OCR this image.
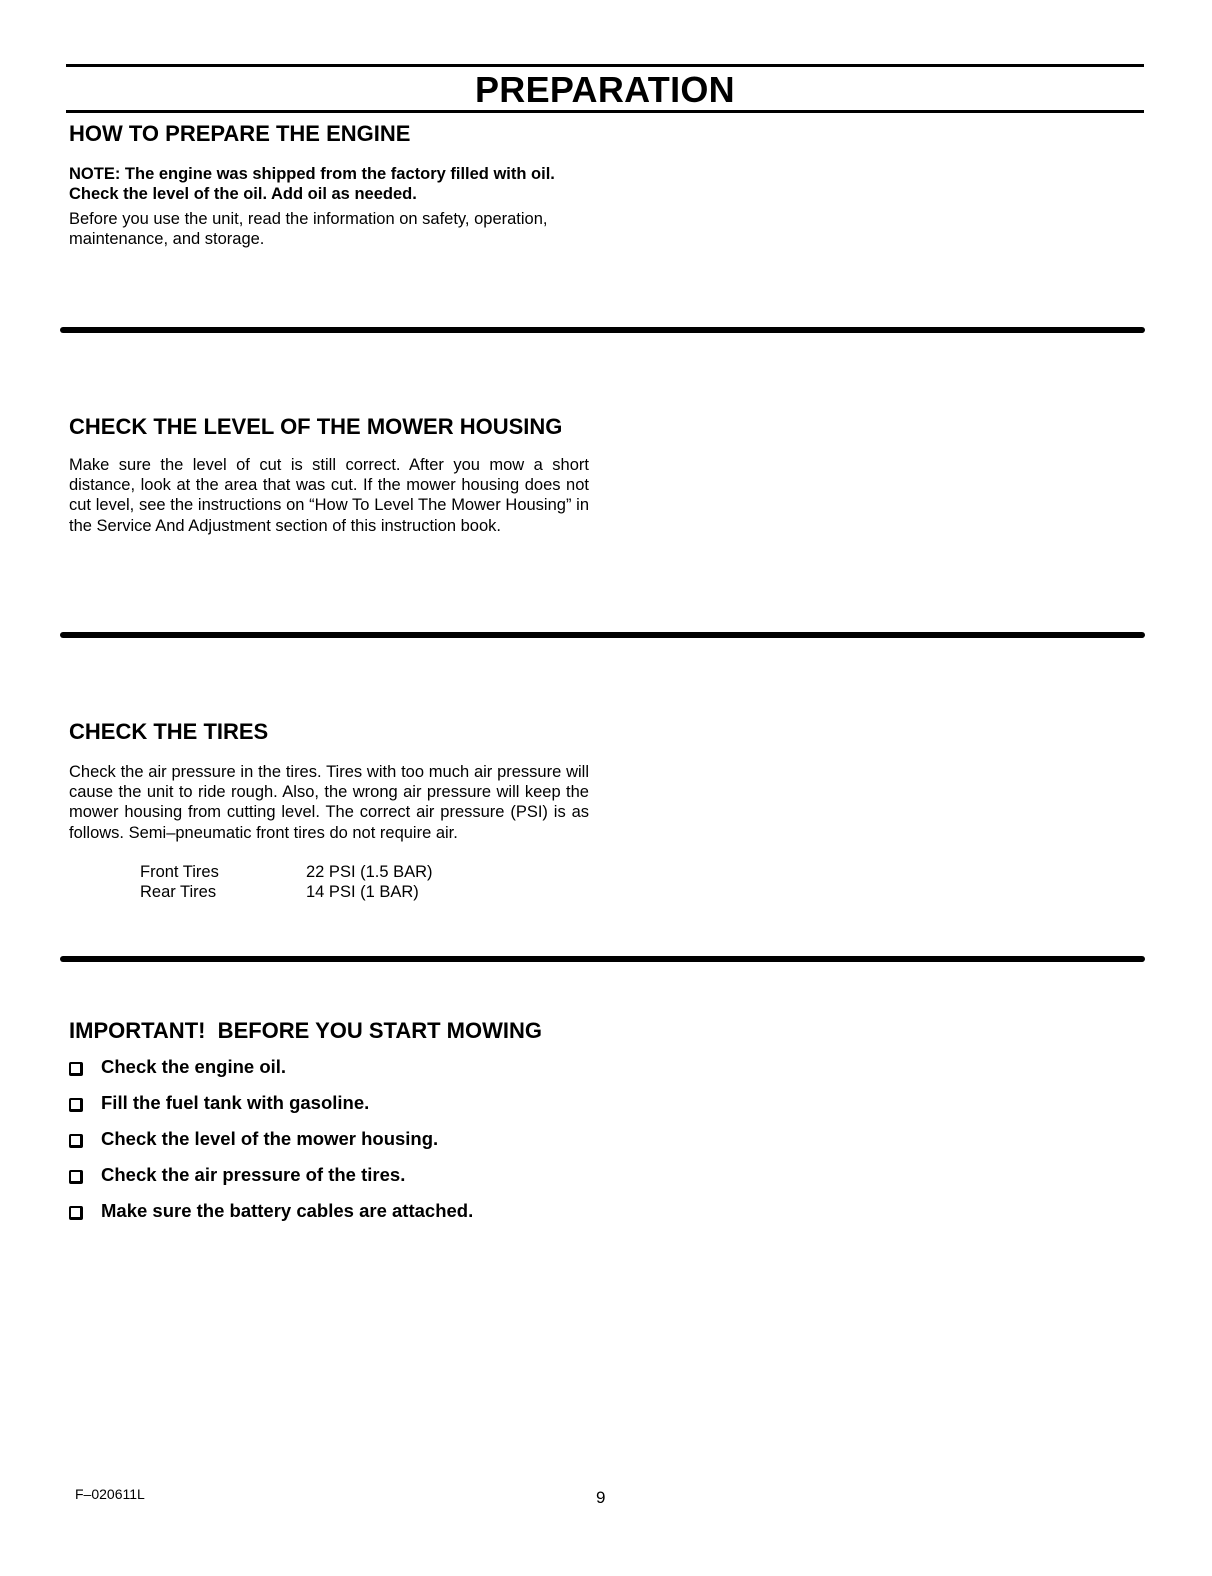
PREPARATION
HOW TO PREPARE THE ENGINE
NOTE: The engine was shipped from the factory filled with oil. Check the level of the oil. Add oil as needed.
Before you use the unit, read the information on safety, operation, maintenance, and storage.
CHECK THE LEVEL OF THE MOWER HOUSING
Make sure the level of cut is still correct. After you mow a short distance, look at the area that was cut. If the mower housing does not cut level, see the instructions on “How To Level The Mower Housing” in the Service And Adjustment section of this instruction book.
CHECK THE TIRES
Check the air pressure in the tires. Tires with too much air pressure will cause the unit to ride rough. Also, the wrong air pressure will keep the mower housing from cutting level. The correct air pressure (PSI) is as follows. Semi–pneumatic front tires do not require air.
Front Tires	22 PSI (1.5 BAR)
Rear Tires	14 PSI (1 BAR)
IMPORTANT!  BEFORE YOU START MOWING
Check the engine oil.
Fill the fuel tank with gasoline.
Check the level of the mower housing.
Check the air pressure of the tires.
Make sure the battery cables are attached.
F–020611L	9
